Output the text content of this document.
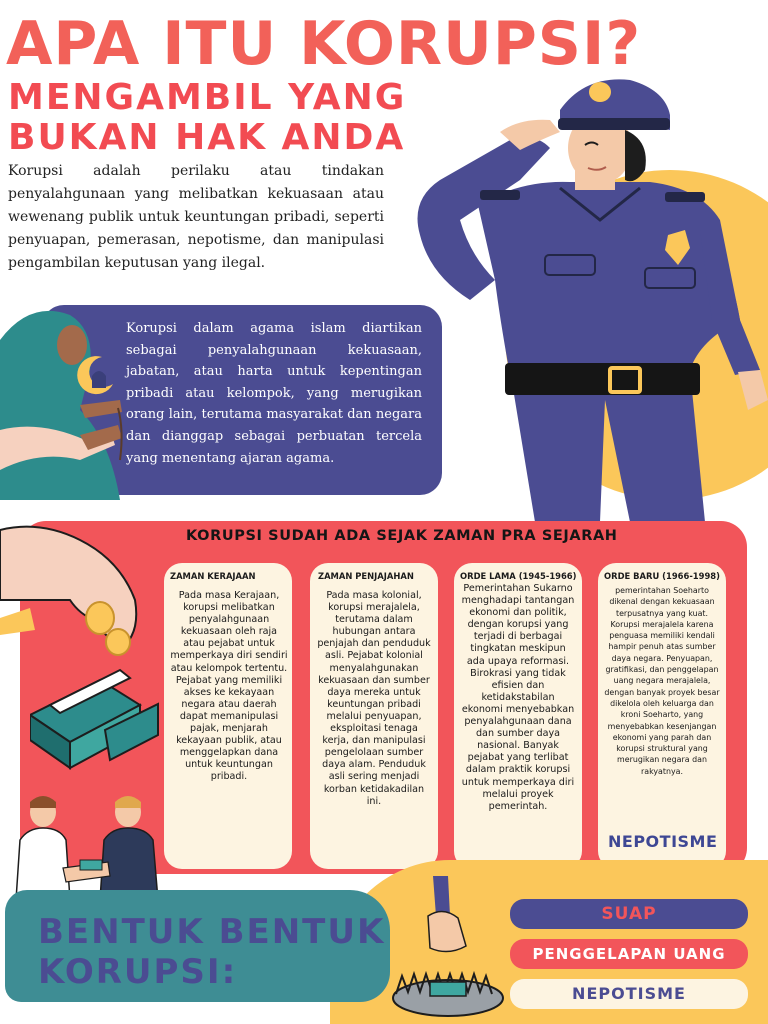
APA ITU KORUPSI?
MENGAMBIL YANG
BUKAN HAK ANDA

Korupsi adalah perilaku atau tindakan penyalahgunaan yang melibatkan kekuasaan atau wewenang publik untuk keuntungan pribadi, seperti penyuapan, pemerasan, nepotisme, dan manipulasi pengambilan keputusan yang ilegal.

Korupsi dalam agama islam diartikan sebagai penyalahgunaan kekuasaan, jabatan, atau harta untuk kepentingan pribadi atau kelompok, yang merugikan orang lain, terutama masyarakat dan negara dan dianggap sebagai perbuatan tercela yang menentang ajaran agama.

KORUPSI SUDAH ADA SEJAK ZAMAN PRA SEJARAH
ZAMAN KERAJAAN	ZAMAN PENJAJAHAN	ORDE LAMA (1945-1966)	ORDE BARU (1966-1998)
Pada masa Kerajaan, korupsi melibatkan penyalahgunaan kekuasaan oleh raja atau pejabat untuk memperkaya diri sendiri atau kelompok tertentu. Pejabat yang memiliki akses ke kekayaan negara atau daerah dapat memanipulasi pajak, menjarah kekayaan publik, atau menggelapkan dana untuk keuntungan pribadi.
Pada masa kolonial, korupsi merajalela, terutama dalam hubungan antara penjajah dan penduduk asli. Pejabat kolonial menyalahgunakan kekuasaan dan sumber daya mereka untuk keuntungan pribadi melalui penyuapan, eksploitasi tenaga kerja, dan manipulasi pengelolaan sumber daya alam. Penduduk asli sering menjadi korban ketidakadilan ini.
Pemerintahan Sukarno menghadapi tantangan ekonomi dan politik, dengan korupsi yang terjadi di berbagai tingkatan meskipun ada upaya reformasi. Birokrasi yang tidak efisien dan ketidakstabilan ekonomi menyebabkan penyalahgunaan dana dan sumber daya nasional. Banyak pejabat yang terlibat dalam praktik korupsi untuk memperkaya diri melalui proyek pemerintah.
pemerintahan Soeharto dikenal dengan kekuasaan terpusatnya yang kuat. Korupsi merajalela karena penguasa memiliki kendali hampir penuh atas sumber daya negara. Penyuapan, gratifikasi, dan penggelapan uang negara merajalela, dengan banyak proyek besar dikelola oleh keluarga dan kroni Soeharto, yang menyebabkan kesenjangan ekonomi yang parah dan korupsi struktural yang merugikan negara dan rakyatnya.
NEPOTISME
BENTUK BENTUK
KORUPSI:
SUAP
PENGGELAPAN UANG
NEPOTISME
